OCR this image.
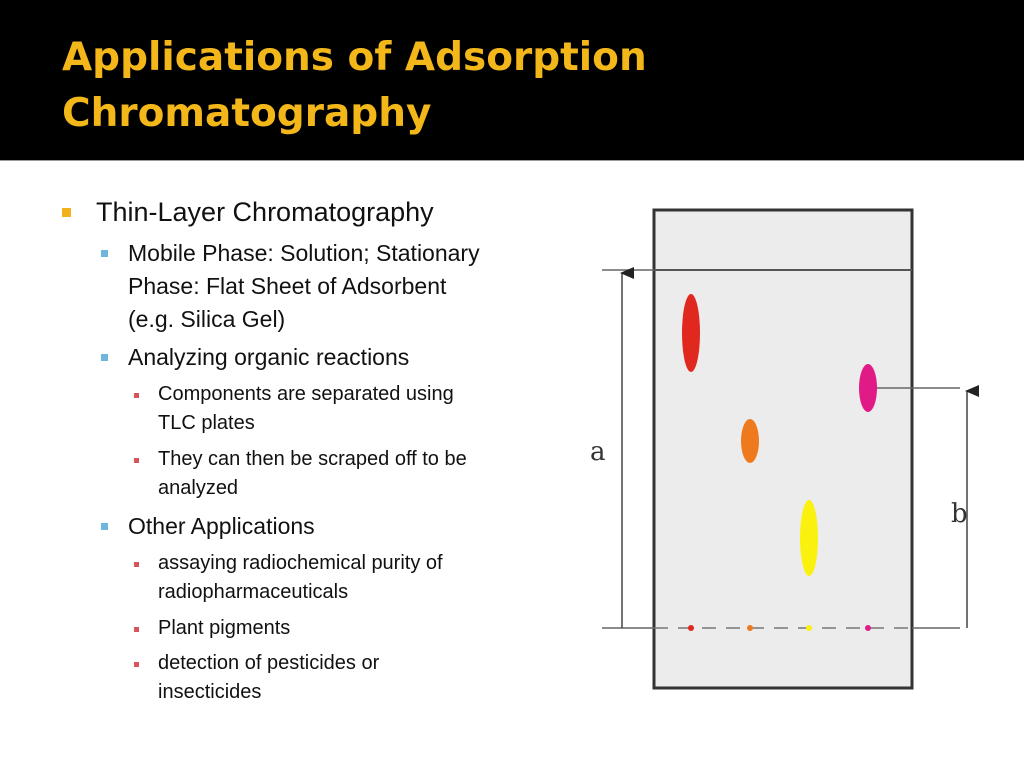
Applications of Adsorption
Chromatography
Thin-Layer Chromatography
Mobile Phase: Solution; Stationary
Phase: Flat Sheet of Adsorbent
(e.g. Silica Gel)
Analyzing organic reactions
Components are separated using
TLC plates
They can then be scraped off to be
analyzed
Other Applications
assaying radiochemical purity of
radiopharmaceuticals
Plant pigments
detection of pesticides or
insecticides
a
b
